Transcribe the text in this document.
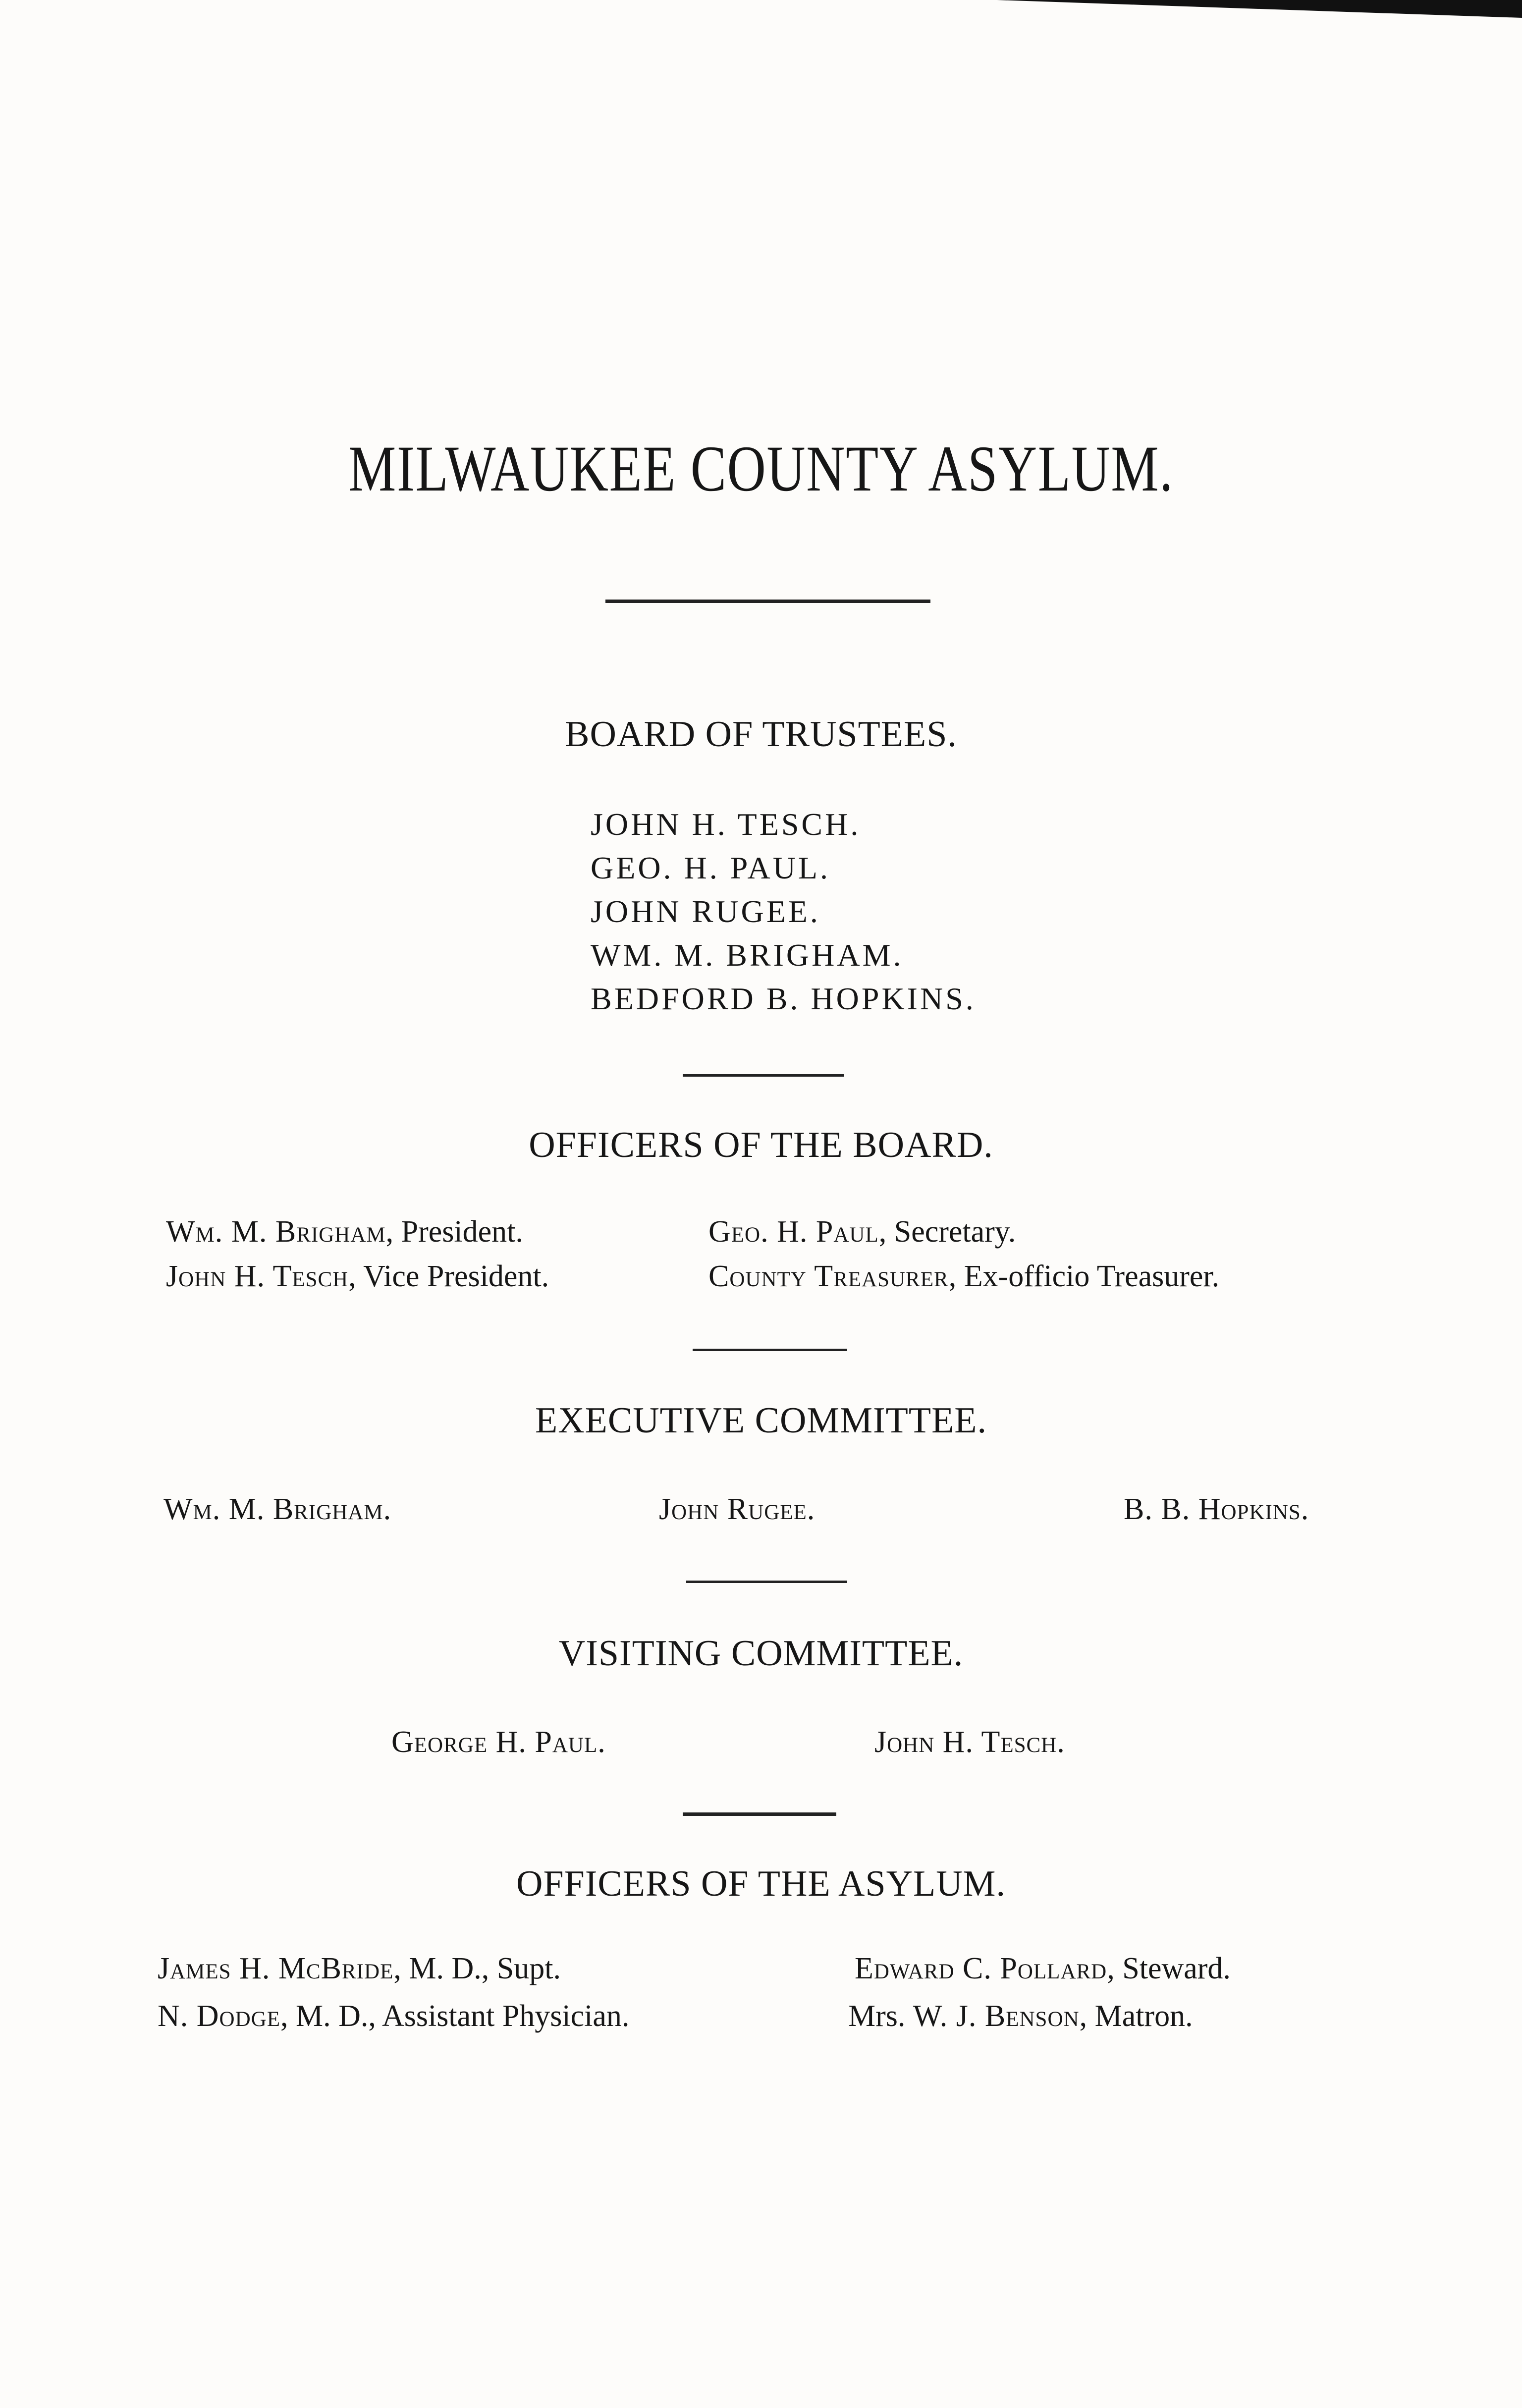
MILWAUKEE COUNTY ASYLUM.
BOARD OF TRUSTEES.
JOHN H. TESCH.
GEO. H. PAUL.
JOHN RUGEE.
WM. M. BRIGHAM.
BEDFORD B. HOPKINS.
OFFICERS OF THE BOARD.
Wm. M. Brigham, President.	Geo. H. Paul, Secretary.
John H. Tesch, Vice President.	County Treasurer, Ex-officio Treasurer.
EXECUTIVE COMMITTEE.
Wm. M. Brigham.	John Rugee.	B. B. Hopkins.
VISITING COMMITTEE.
George H. Paul.	John H. Tesch.
OFFICERS OF THE ASYLUM.
James H. McBride, M. D., Supt.	Edward C. Pollard, Steward.
N. Dodge, M. D., Assistant Physician.	Mrs. W. J. Benson, Matron.
